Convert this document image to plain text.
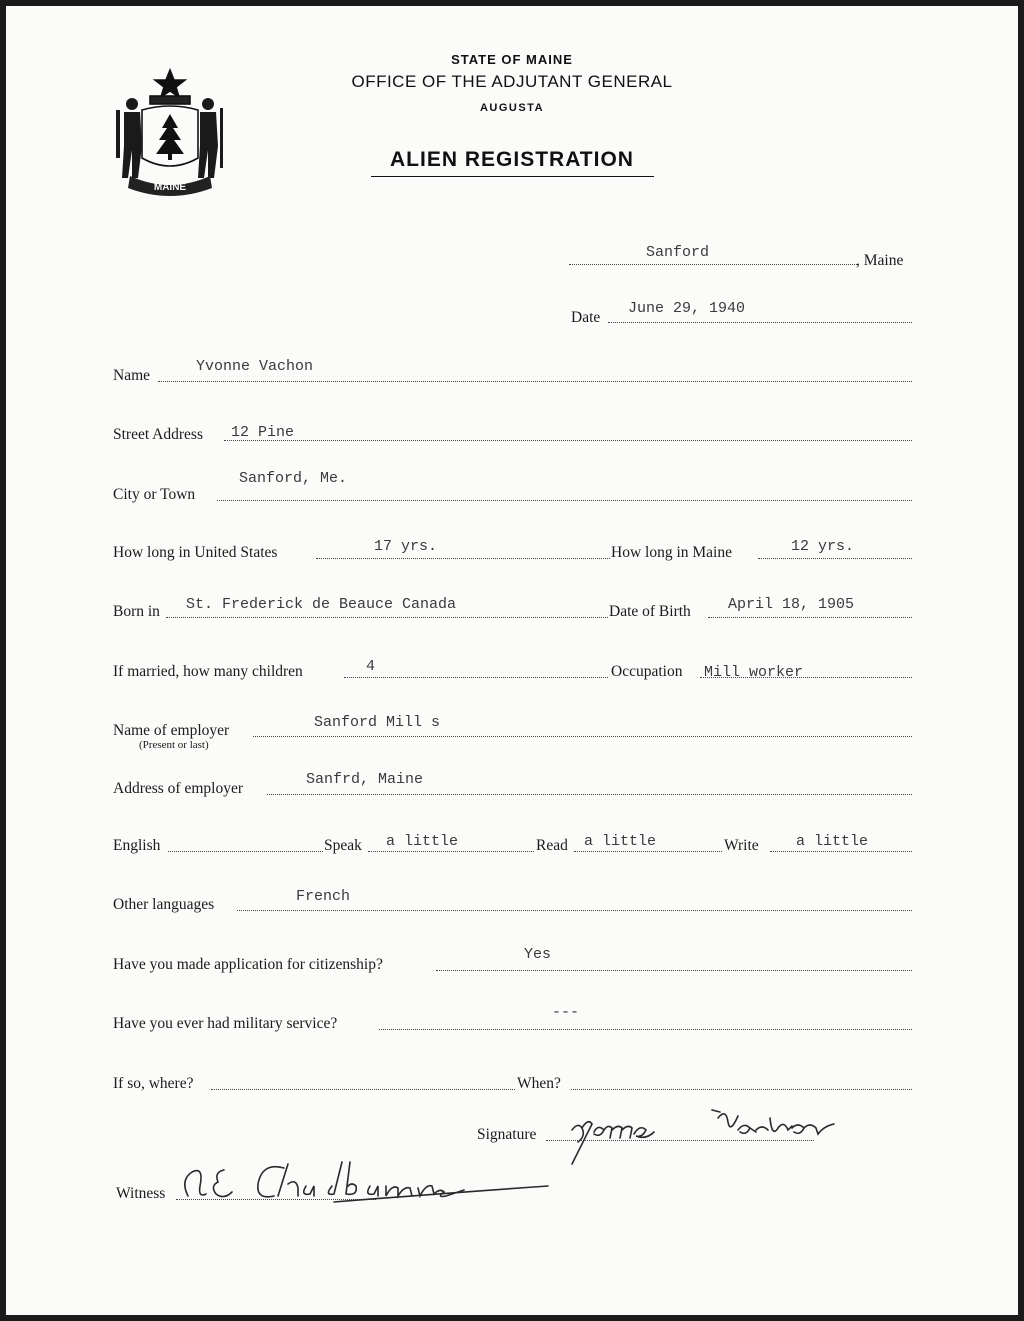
MAINE
STATE OF MAINE
OFFICE OF THE ADJUTANT GENERAL
AUGUSTA
ALIEN REGISTRATION
Sanford	, Maine
Date
June 29, 1940
Name
Yvonne Vachon
Street Address 12 Pine
City or Town
Sanford, Me.
How long in United States	17 yrs.	How long in Maine	12 yrs.
Born in St. Frederick de Beauce Canada	Date of Birth April 18, 1905
If married, how many children	4	Occupation Mill worker
Name of employer
(Present or last)
Sanford Mill s
Address of employer
Sanfrd, Maine
English	Speak a little	Read a little	Write a little
Other languages	French
Have you made application for citizenship?
Yes
Have you ever had military service?
---
If so, where?	When?
Signature
Witness
